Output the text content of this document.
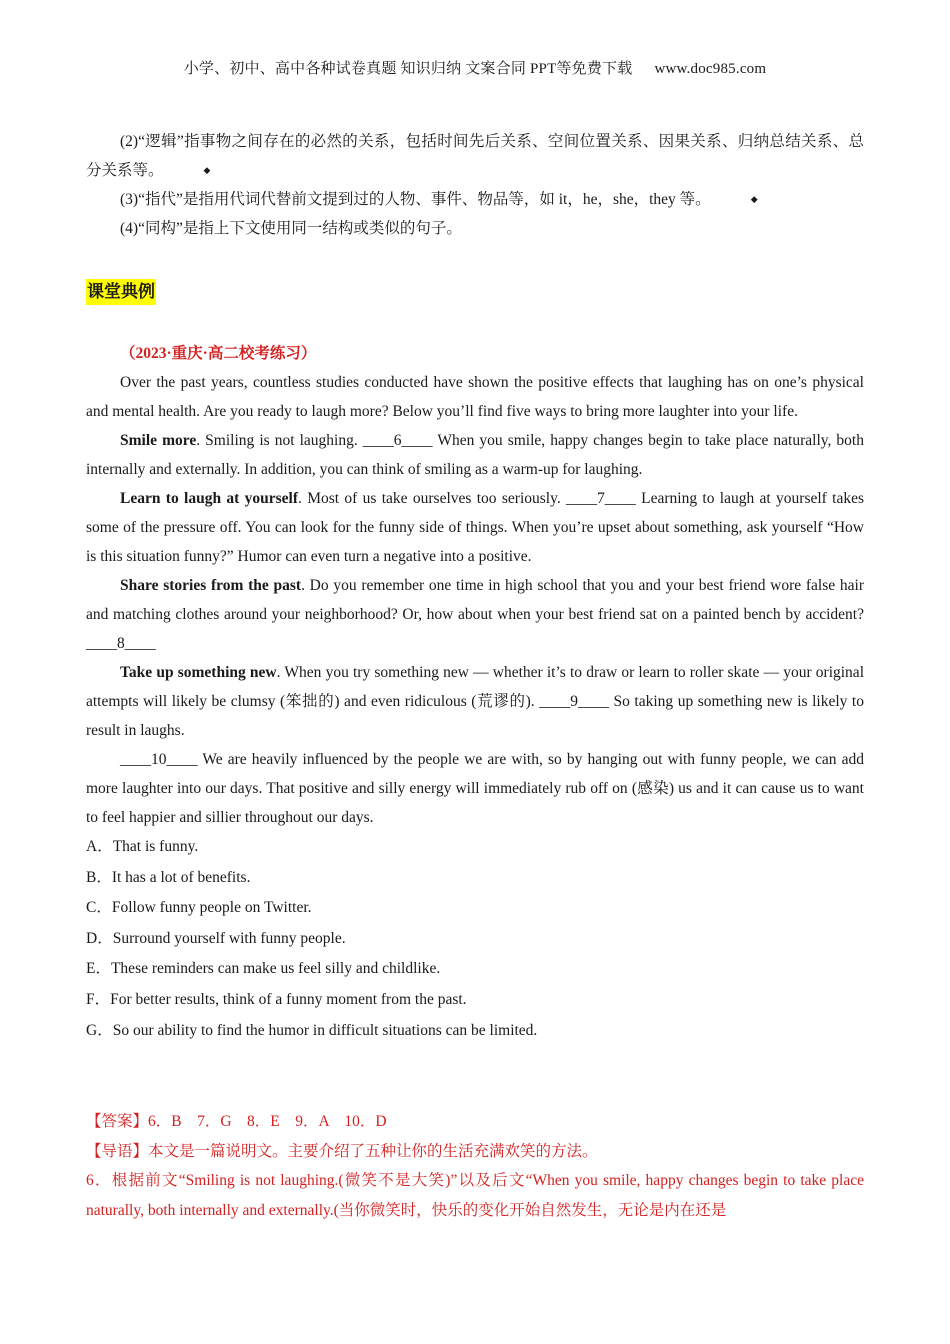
小学、初中、高中各种试卷真题 知识归纳 文案合同 PPT等免费下载 www.doc985.com

(2)“逻辑”指事物之间存在的必然的关系，包括时间先后关系、空间位置关系、因果关系、归纳总结关系、总分关系等。	◆

(3)“指代”是指用代词代替前文提到过的人物、事件、物品等，如 it，he，she，they 等。	◆

(4)“同构”是指上下文使用同一结构或类似的句子。

课堂典例
（2023·重庆·高二校考练习）

Over the past years, countless studies conducted have shown the positive effects that laughing has on one’s physical and mental health. Are you ready to laugh more? Below you’ll find five ways to bring more laughter into your life.

Smile more. Smiling is not laughing. ____6____ When you smile, happy changes begin to take place naturally, both internally and externally. In addition, you can think of smiling as a warm-up for laughing.

Learn to laugh at yourself. Most of us take ourselves too seriously. ____7____ Learning to laugh at yourself takes some of the pressure off. You can look for the funny side of things. When you’re upset about something, ask yourself “How is this situation funny?” Humor can even turn a negative into a positive.

Share stories from the past. Do you remember one time in high school that you and your best friend wore false hair and matching clothes around your neighborhood? Or, how about when your best friend sat on a painted bench by accident? ____8____

Take up something new. When you try something new — whether it’s to draw or learn to roller skate — your original attempts will likely be clumsy (笨拙的) and even ridiculous (荒谬的). ____9____ So taking up something new is likely to result in laughs.

____10____ We are heavily influenced by the people we are with, so by hanging out with funny people, we can add more laughter into our days. That positive and silly energy will immediately rub off on (感染) us and it can cause us to want to feel happier and sillier throughout our days.

A．That is funny.

B．It has a lot of benefits.

C．Follow funny people on Twitter.

D．Surround yourself with funny people.

E．These reminders can make us feel silly and childlike.

F．For better results, think of a funny moment from the past.

G．So our ability to find the humor in difficult situations can be limited.

【答案】6．B　7．G　8．E　9．A　10．D

【导语】本文是一篇说明文。主要介绍了五种让你的生活充满欢笑的方法。

6．根据前文“Smiling is not laughing.(微笑不是大笑)”以及后文“When you smile, happy changes begin to take place naturally, both internally and externally.(当你微笑时，快乐的变化开始自然发生，无论是内在还是
